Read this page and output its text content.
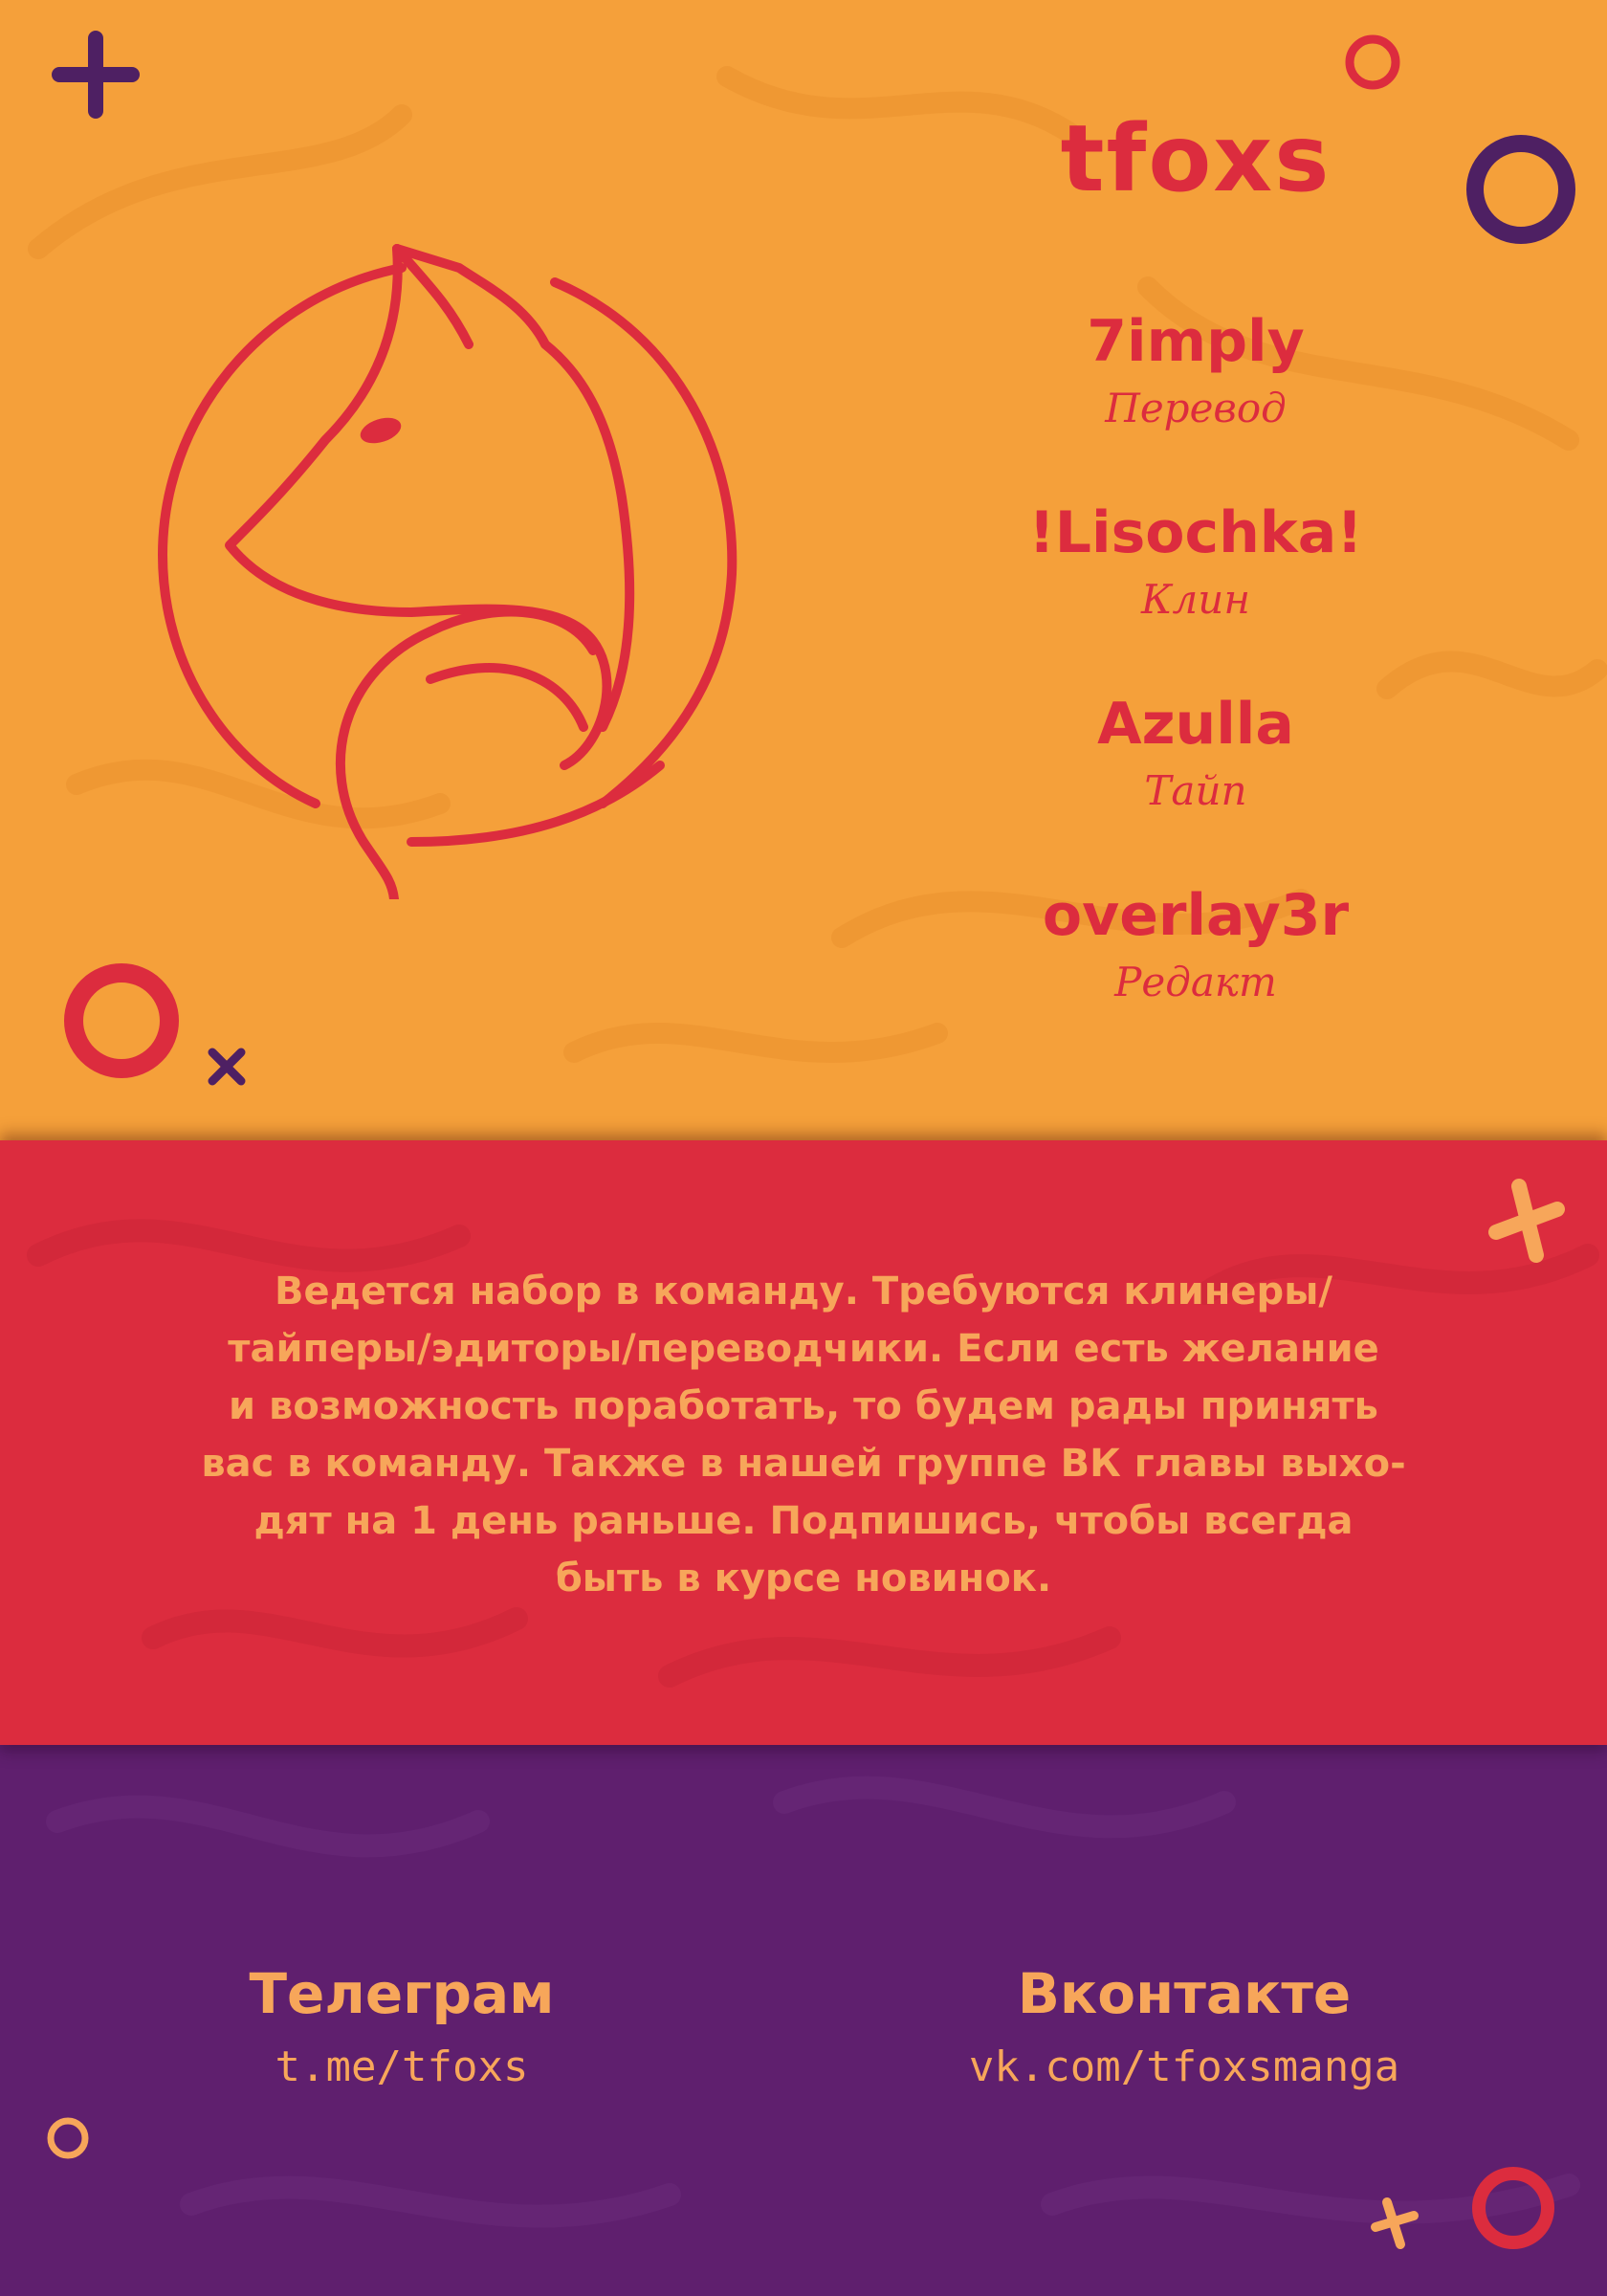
tfoxs
7imply
Перевод
!Lisochka!
Клин
Azulla
Тайп
overlay3r
Редакт
Ведется набор в команду. Требуются клинеры/
тайперы/эдиторы/переводчики. Если есть желание
и возможность поработать, то будем рады принять
вас в команду. Также в нашей группе ВК главы выхо-
дят на 1 день раньше. Подпишись, чтобы всегда
быть в курсе новинок.
Телеграм
t.me/tfoxs
Вконтакте
vk.com/tfoxsmanga
